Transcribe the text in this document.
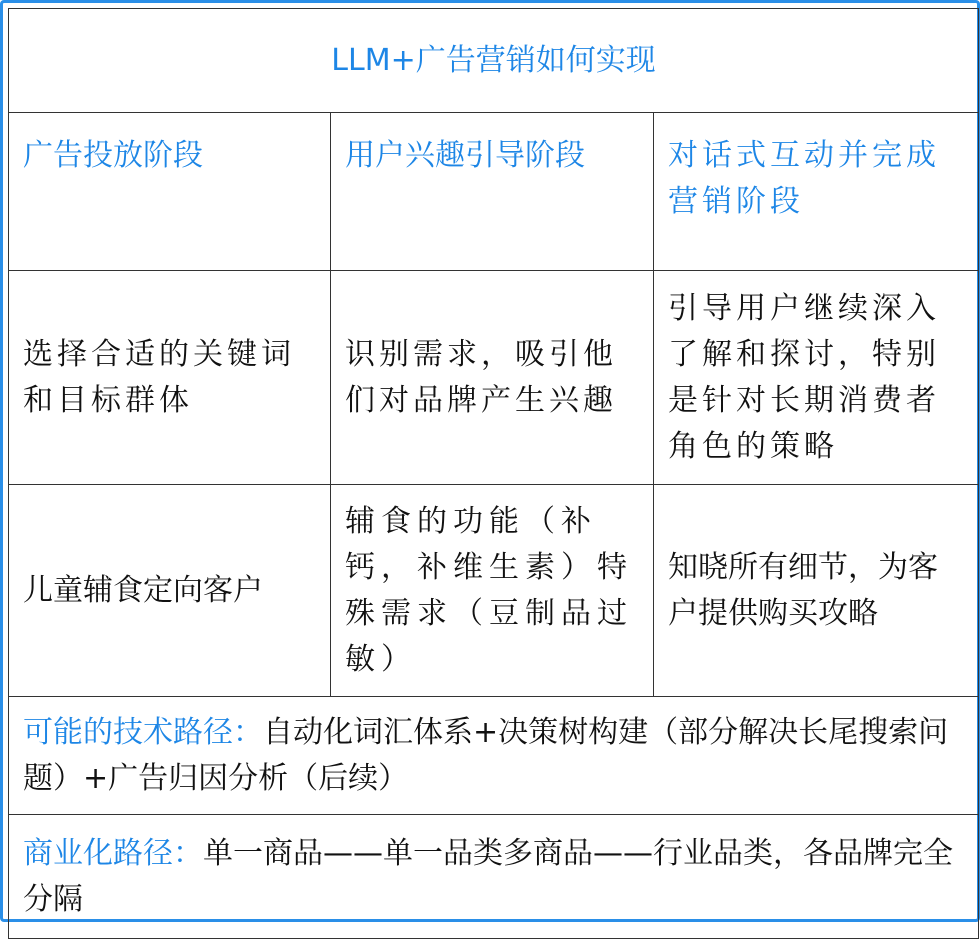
LLM+广告营销如何实现		
广告投放阶段	用户兴趣引导阶段	对话式互动并完成营销阶段
选择合适的关键词和目标群体	识别需求，吸引他们对品牌产生兴趣	引导用户继续深入了解和探讨，特别是针对长期消费者角色的策略
儿童辅食定向客户	辅食的功能（补钙，补维生素）特殊需求（豆制品过敏）	知晓所有细节，为客户提供购买攻略
可能的技术路径：自动化词汇体系+决策树构建（部分解决长尾搜索问题）+广告归因分析（后续）		
商业化路径：单一商品——单一品类多商品——行业品类，各品牌完全分隔		
